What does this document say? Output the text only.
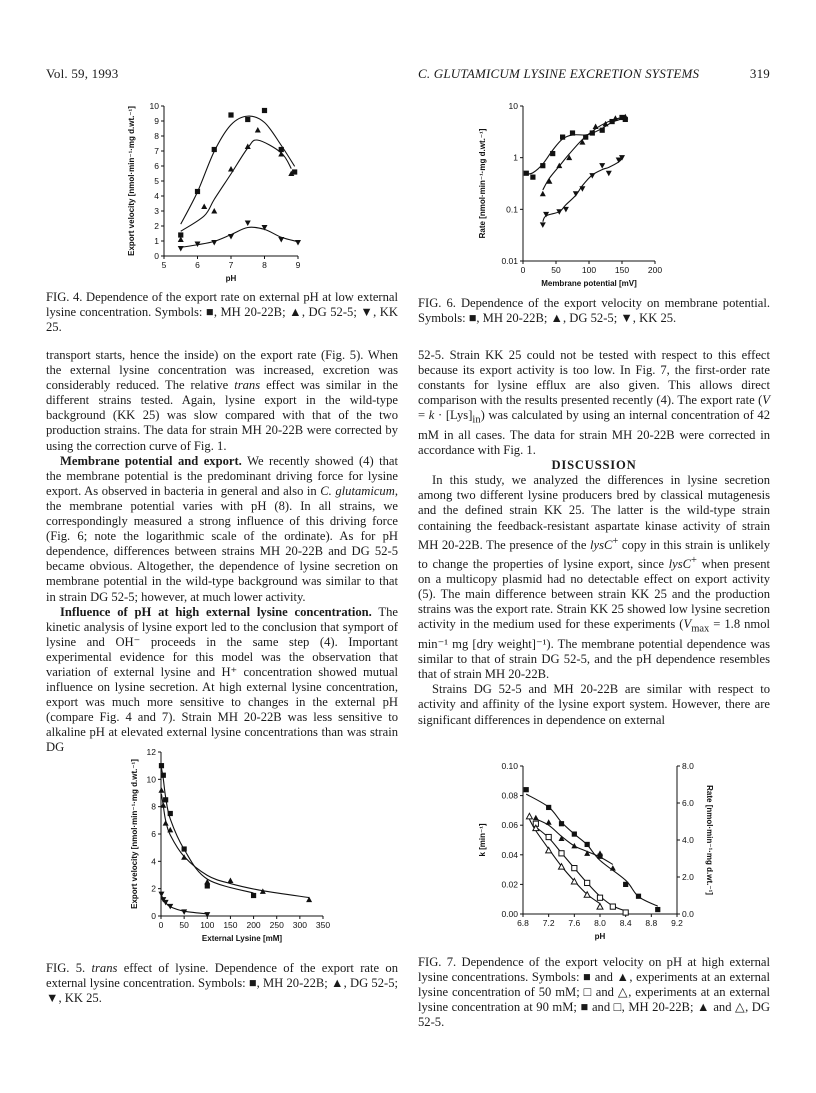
Vol. 59, 1993	C. GLUTAMICUM LYSINE EXCRETION SYSTEMS	319
5	6	7	8	9
0
1
2
3
4
5
6
7
8
9
10
pH
Export velocity [nmol·min⁻¹·mg d.wt.⁻¹]
FIG. 4. Dependence of the export rate on external pH at low external lysine concentration. Symbols: ■, MH 20-22B; ▲, DG 52-5; ▼, KK 25.
0	50 100 150 200
0.01
0.1
1
10
Membrane potential [mV]
Rate [nmol·min⁻¹·mg d.wt.⁻¹]
FIG. 6. Dependence of the export velocity on membrane potential. Symbols: ■, MH 20-22B; ▲, DG 52-5; ▼, KK 25.

transport starts, hence the inside) on the export rate (Fig. 5). When the external lysine concentration was increased, excretion was considerably reduced. The relative trans effect was similar in the different strains tested. Again, lysine export in the wild-type background (KK 25) was slow compared with that of the two production strains. The data for strain MH 20-22B were corrected by using the correction curve of Fig. 1.

Membrane potential and export. We recently showed (4) that the membrane potential is the predominant driving force for lysine export. As observed in bacteria in general and also in C. glutamicum, the membrane potential varies with pH (8). In all strains, we correspondingly measured a strong influence of this driving force (Fig. 6; note the logarithmic scale of the ordinate). As for pH dependence, differences between strains MH 20-22B and DG 52-5 became obvious. Altogether, the dependence of lysine secretion on membrane potential in the wild-type background was similar to that in strain DG 52-5; however, at much lower activity.

Influence of pH at high external lysine concentration. The kinetic analysis of lysine export led to the conclusion that symport of lysine and OH⁻ proceeds in the same step (4). Important experimental evidence for this model was the observation that variation of external lysine and H⁺ concentration showed mutual influence on lysine secretion. At high external lysine concentration, export was much more sensitive to changes in the external pH (compare Fig. 4 and 7). Strain MH 20-22B was less sensitive to alkaline pH at elevated external lysine concentrations than was strain DG

52-5. Strain KK 25 could not be tested with respect to this effect because its export activity is too low. In Fig. 7, the first-order rate constants for lysine efflux are also given. This allows direct comparison with the results presented recently (4). The export rate $(V = k \cdot [Lys]_{in})$ was calculated by using an internal concentration of 42 mM in all cases. The data for strain MH 20-22B were corrected in accordance with Fig. 1.

DISCUSSION

In this study, we analyzed the differences in lysine secretion among two different lysine producers bred by classical mutagenesis and the defined strain KK 25. The latter is the wild-type strain containing the feedback-resistant aspartate kinase activity of strain MH 20-22B. The presence of the lysC+ copy in this strain is unlikely to change the properties of lysine export, since lysC+ when present on a multicopy plasmid had no detectable effect on export activity (5). The main difference between strain KK 25 and the production strains was the export rate. Strain KK 25 showed low lysine secretion activity in the medium used for these experiments ($V_{max} = 1.8$ nmol min⁻¹ mg [dry weight]⁻¹). The membrane potential dependence was similar to that of strain DG 52-5, and the pH dependence resembles that of strain MH 20-22B.

Strains DG 52-5 and MH 20-22B are similar with respect to activity and affinity of the lysine export system. However, there are significant differences in dependence on external

0 50 100 150 200 250 300 350
0
2
4
6
8
10
12
External Lysine [mM]
Export velocity [nmol·min⁻¹·mg d.wt.⁻¹]
FIG. 5. trans effect of lysine. Dependence of the export rate on external lysine concentration. Symbols: ■, MH 20-22B; ▲, DG 52-5; ▼, KK 25.
6.8 7.2 7.6 8.0 8.4 8.8 9.2
0.00
0.02
0.04
0.06
0.08
0.10
pH
k [min⁻¹]
0.0
2.0
4.0
6.0
8.0
Rate [nmol·min⁻¹·mg d.wt.⁻¹]
FIG. 7. Dependence of the export velocity on pH at high external lysine concentrations. Symbols: ■ and ▲, experiments at an external lysine concentration of 50 mM; □ and △, experiments at an external lysine concentration at 90 mM; ■ and □, MH 20-22B; ▲ and △, DG 52-5.
